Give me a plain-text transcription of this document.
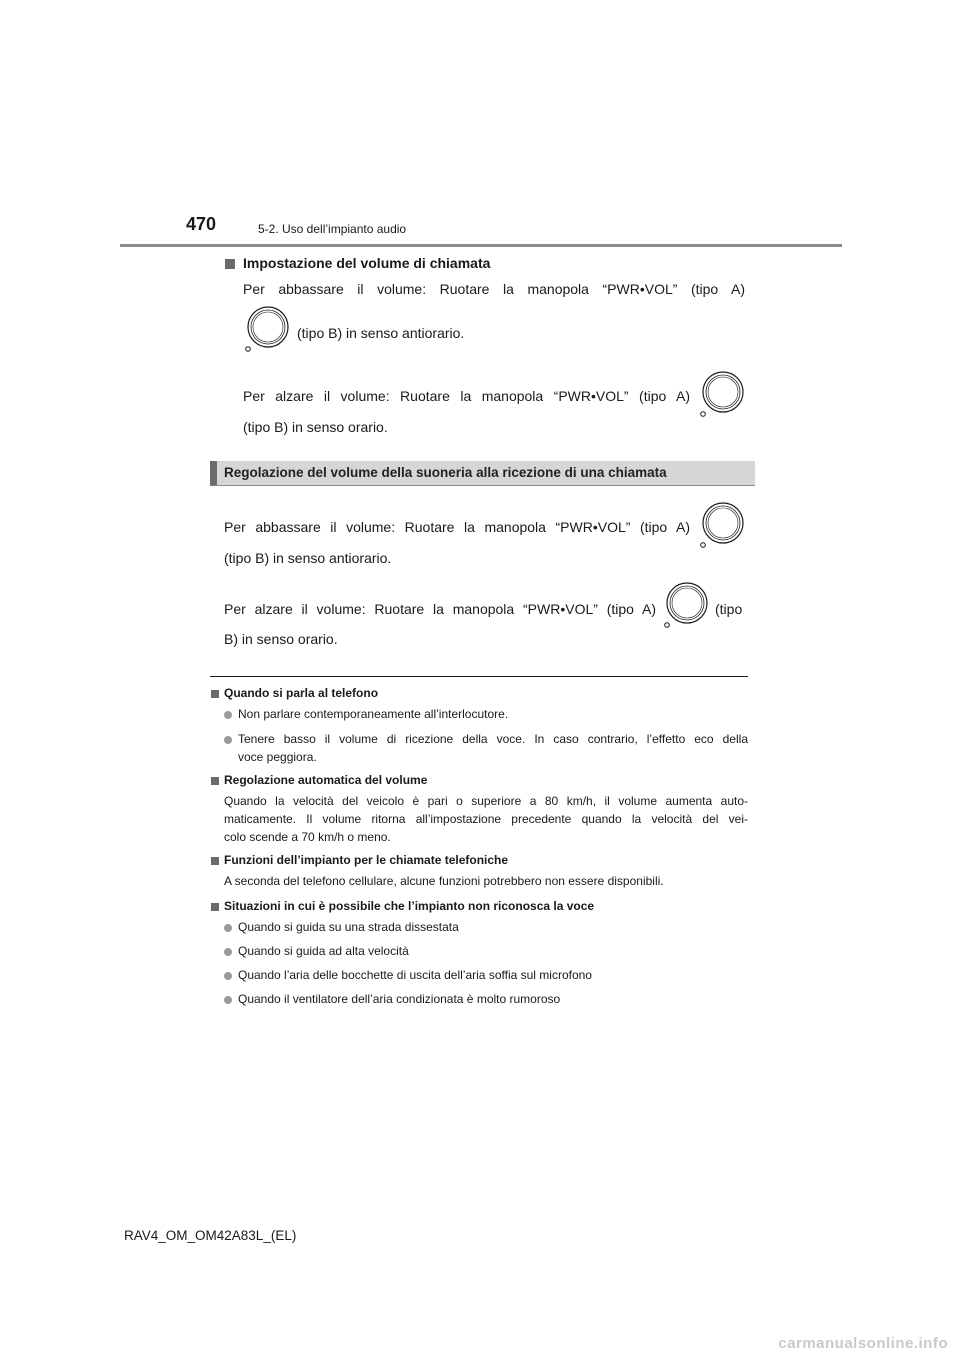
470	5-2. Uso dell’impianto audio
Impostazione del volume di chiamata
Per abbassare il volume: Ruotare la manopola “PWR•VOL” (tipo A)
(tipo B) in senso antiorario.
Per alzare il volume: Ruotare la manopola “PWR•VOL” (tipo A)
(tipo B) in senso orario.
Regolazione del volume della suoneria alla ricezione di una chiamata
Per abbassare il volume: Ruotare la manopola “PWR•VOL” (tipo A)
(tipo B) in senso antiorario.
Per alzare il volume: Ruotare la manopola “PWR•VOL” (tipo A)	(tipo
B) in senso orario.
Quando si parla al telefono
Non parlare contemporaneamente all’interlocutore.
Tenere basso il volume di ricezione della voce. In caso contrario, l’effetto eco della
voce peggiora.
Regolazione automatica del volume
Quando la velocità del veicolo è pari o superiore a 80 km/h, il volume aumenta auto-
maticamente. Il volume ritorna all’impostazione precedente quando la velocità del vei-
colo scende a 70 km/h o meno.
Funzioni dell’impianto per le chiamate telefoniche
A seconda del telefono cellulare, alcune funzioni potrebbero non essere disponibili.
Situazioni in cui è possibile che l’impianto non riconosca la voce
Quando si guida su una strada dissestata
Quando si guida ad alta velocità
Quando l’aria delle bocchette di uscita dell’aria soffia sul microfono
Quando il ventilatore dell’aria condizionata è molto rumoroso
RAV4_OM_OM42A83L_(EL)
carmanualsonline.info
